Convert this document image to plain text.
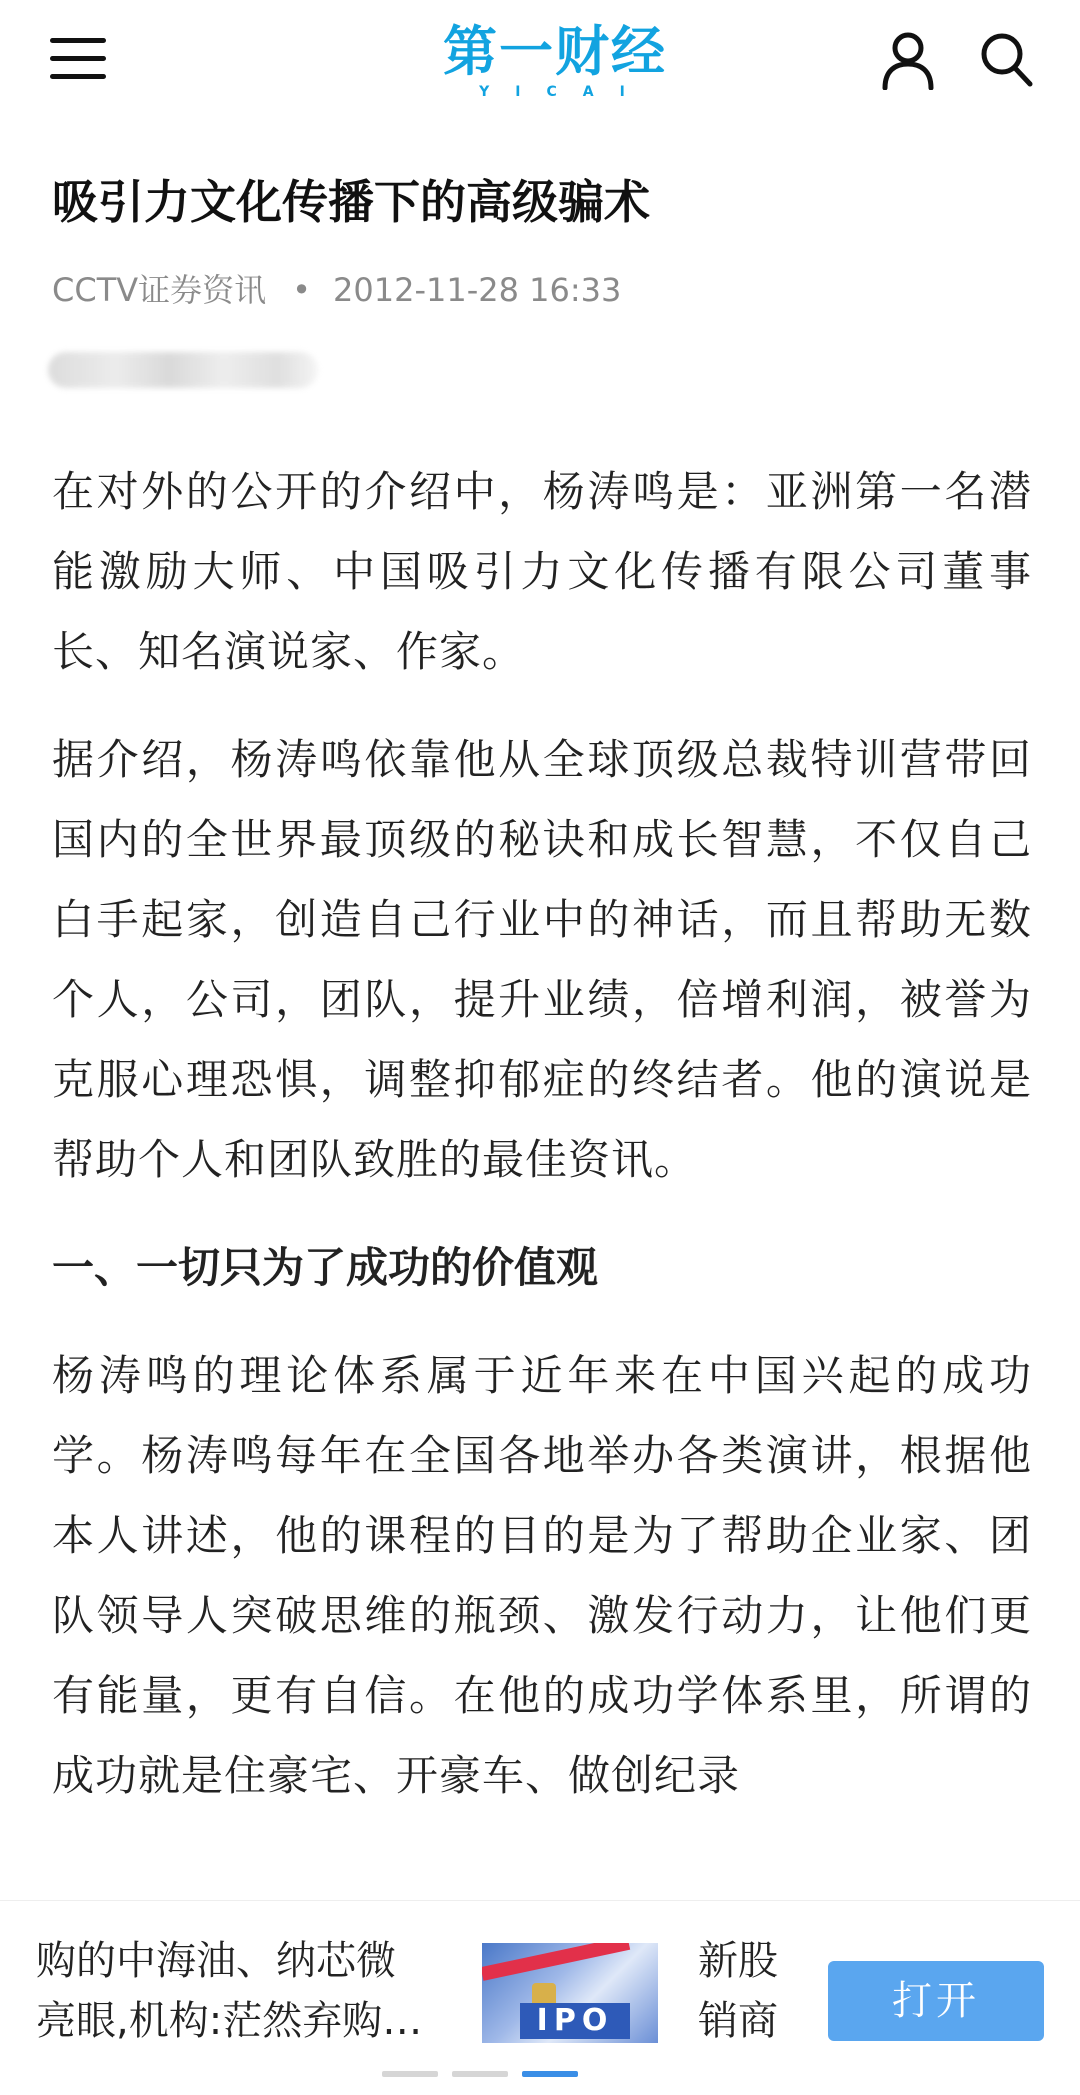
第一财经
YICAI
吸引力文化传播下的高级骗术
CCTV证券资讯 • 2012-11-28 16:33

在对外的公开的介绍中，杨涛鸣是：亚洲第一名潜能激励大师、中国吸引力文化传播有限公司董事长、知名演说家、作家。

据介绍，杨涛鸣依靠他从全球顶级总裁特训营带回国内的全世界最顶级的秘诀和成长智慧，不仅自己白手起家，创造自己行业中的神话，而且帮助无数个人，公司，团队，提升业绩，倍增利润，被誉为克服心理恐惧，调整抑郁症的终结者。他的演说是帮助个人和团队致胜的最佳资讯。

一、一切只为了成功的价值观

杨涛鸣的理论体系属于近年来在中国兴起的成功学。杨涛鸣每年在全国各地举办各类演讲，根据他本人讲述，他的课程的目的是为了帮助企业家、团队领导人突破思维的瓶颈、激发行动力，让他们更有能量，更有自信。在他的成功学体系里，所谓的成功就是住豪宅、开豪车、做创纪录

购的中海油、纳芯微
亮眼,机构:茫然弃购…	IPO
新股
销商	打开
